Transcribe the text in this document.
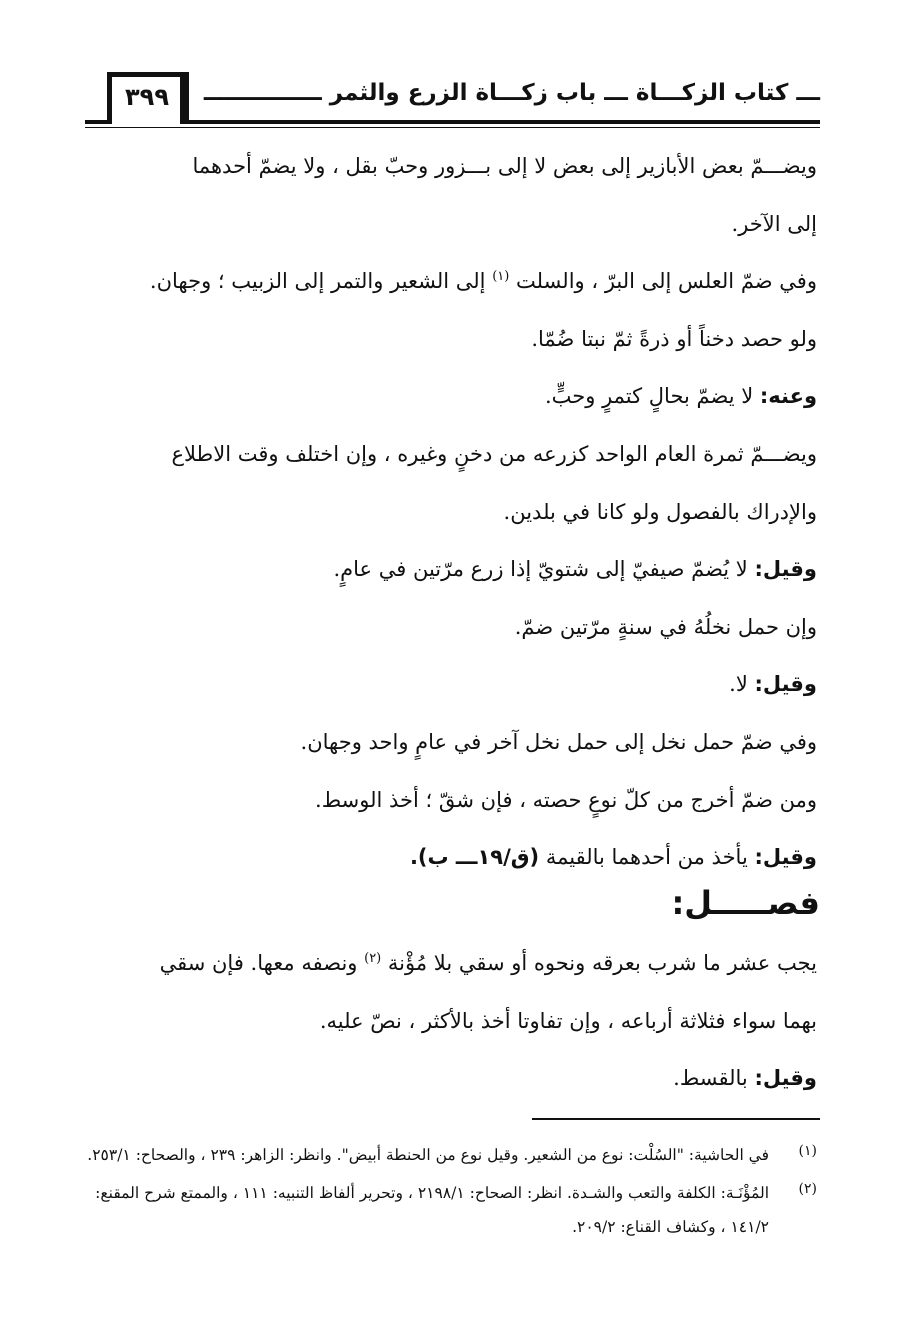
٣٩٩	ـــ كتاب الزكـــاة ـــ باب زكـــاة الزرع والثمر ـــــــــــــــ

ويضـــمّ بعض الأبازير إلى بعض لا إلى بـــزور وحبّ بقل ، ولا يضمّ أحدهما

إلى الآخر.

وفي ضمّ العلس إلى البرّ ، والسلت $^{(١)}$ إلى الشعير والتمر إلى الزبيب ؛ وجهان.

ولو حصد دخناً أو ذرةً ثمّ نبتا ضُمّا.

وعنه: لا يضمّ بحالٍ كتمرٍ وحبٍّ.

ويضـــمّ ثمرة العام الواحد كزرعه من دخنٍ وغيره ، وإن اختلف وقت الاطلاع

والإدراك بالفصول ولو كانا في بلدين.

وقيل: لا يُضمّ صيفيّ إلى شتويّ إذا زرع مرّتين في عامٍ.

وإن حمل نخلُهُ في سنةٍ مرّتين ضمّ.

وقيل: لا.

وفي ضمّ حمل نخل إلى حمل نخل آخر في عامٍ واحد وجهان.

ومن ضمّ أخرج من كلّ نوعٍ حصته ، فإن شقّ ؛ أخذ الوسط.

وقيل: يأخذ من أحدهما بالقيمة (ق/١٩ـــ ب).

فصـــــل:

يجب عشر ما شرب بعرقه ونحوه أو سقي بلا مُؤْنة $^{(٢)}$ ونصفه معها. فإن سقي

بهما سواء فثلاثة أرباعه ، وإن تفاوتا أخذ بالأكثر ، نصّ عليه.

وقيل: بالقسط.

(١)
في الحاشية: "السُلْت: نوع من الشعير. وقيل نوع من الحنطة أبيض". وانظر: الزاهر: ٢٣٩ ، والصحاح: ٢٥٣/١.
(٢)
المُؤْنَـة: الكلفة والتعب والشـدة. انظر: الصحاح: ٢١٩٨/١ ، وتحرير ألفاظ التنبيه: ١١١ ، والممتع شرح المقنع: ١٤١/٢ ، وكشاف القناع: ٢٠٩/٢.
